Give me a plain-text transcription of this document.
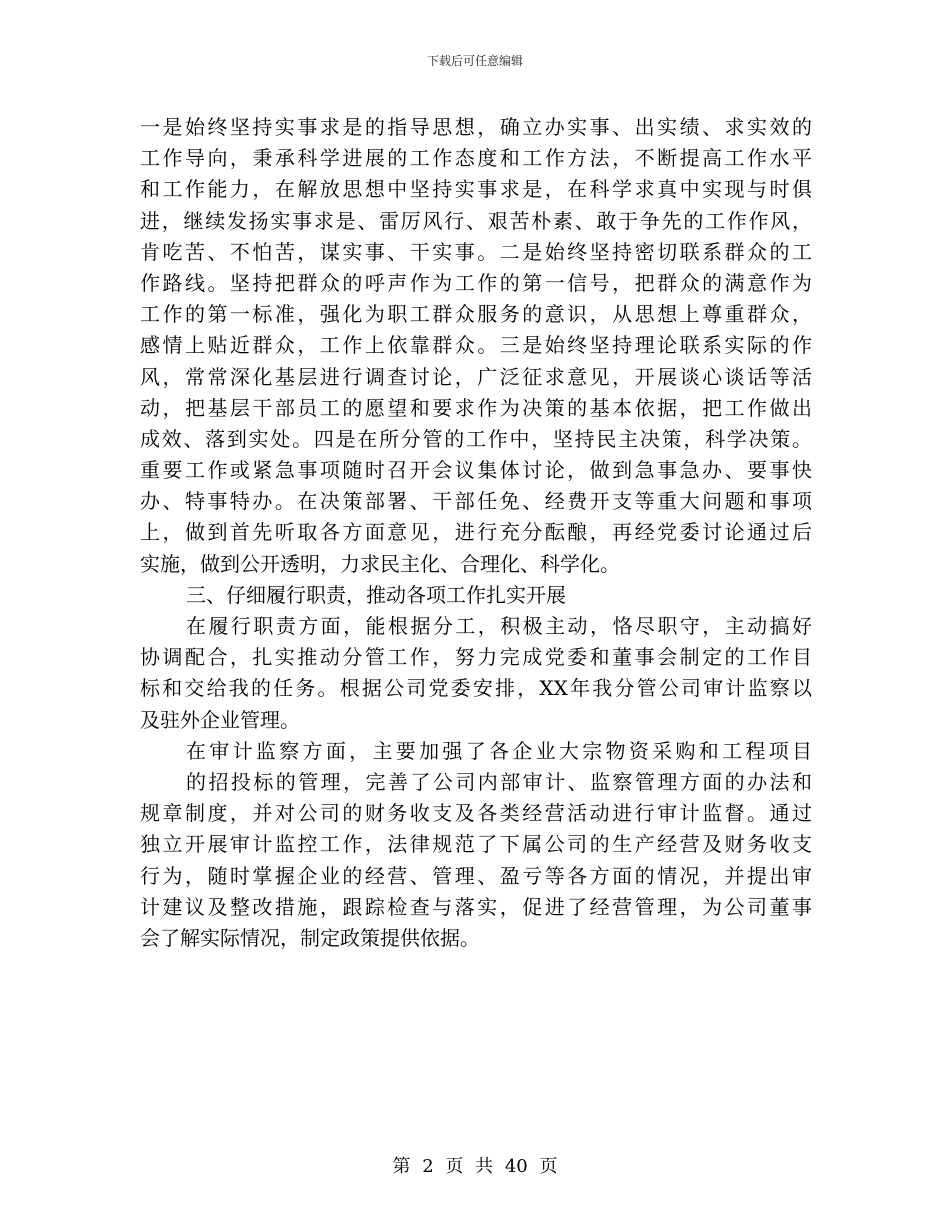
下载后可任意编辑
一是始终坚持实事求是的指导思想，确立办实事、出实绩、求实效的
工作导向，秉承科学进展的工作态度和工作方法，不断提高工作水平
和工作能力，在解放思想中坚持实事求是，在科学求真中实现与时俱
进，继续发扬实事求是、雷厉风行、艰苦朴素、敢于争先的工作作风，
肯吃苦、不怕苦，谋实事、干实事。二是始终坚持密切联系群众的工
作路线。坚持把群众的呼声作为工作的第一信号，把群众的满意作为
工作的第一标准，强化为职工群众服务的意识，从思想上尊重群众，
感情上贴近群众，工作上依靠群众。三是始终坚持理论联系实际的作
风，常常深化基层进行调查讨论，广泛征求意见，开展谈心谈话等活
动，把基层干部员工的愿望和要求作为决策的基本依据，把工作做出
成效、落到实处。四是在所分管的工作中，坚持民主决策，科学决策。
重要工作或紧急事项随时召开会议集体讨论，做到急事急办、要事快
办、特事特办。在决策部署、干部任免、经费开支等重大问题和事项
上，做到首先听取各方面意见，进行充分酝酿，再经党委讨论通过后
实施，做到公开透明，力求民主化、合理化、科学化。
三、仔细履行职责，推动各项工作扎实开展
在履行职责方面，能根据分工，积极主动，恪尽职守，主动搞好
协调配合，扎实推动分管工作，努力完成党委和董事会制定的工作目
标和交给我的任务。根据公司党委安排，XX年我分管公司审计监察以
及驻外企业管理。
在审计监察方面，主要加强了各企业大宗物资采购和工程项目
的招投标的管理，完善了公司内部审计、监察管理方面的办法和
规章制度，并对公司的财务收支及各类经营活动进行审计监督。通过
独立开展审计监控工作，法律规范了下属公司的生产经营及财务收支
行为，随时掌握企业的经营、管理、盈亏等各方面的情况，并提出审
计建议及整改措施，跟踪检查与落实，促进了经营管理，为公司董事
会了解实际情况，制定政策提供依据。
第 2 页 共 40 页
